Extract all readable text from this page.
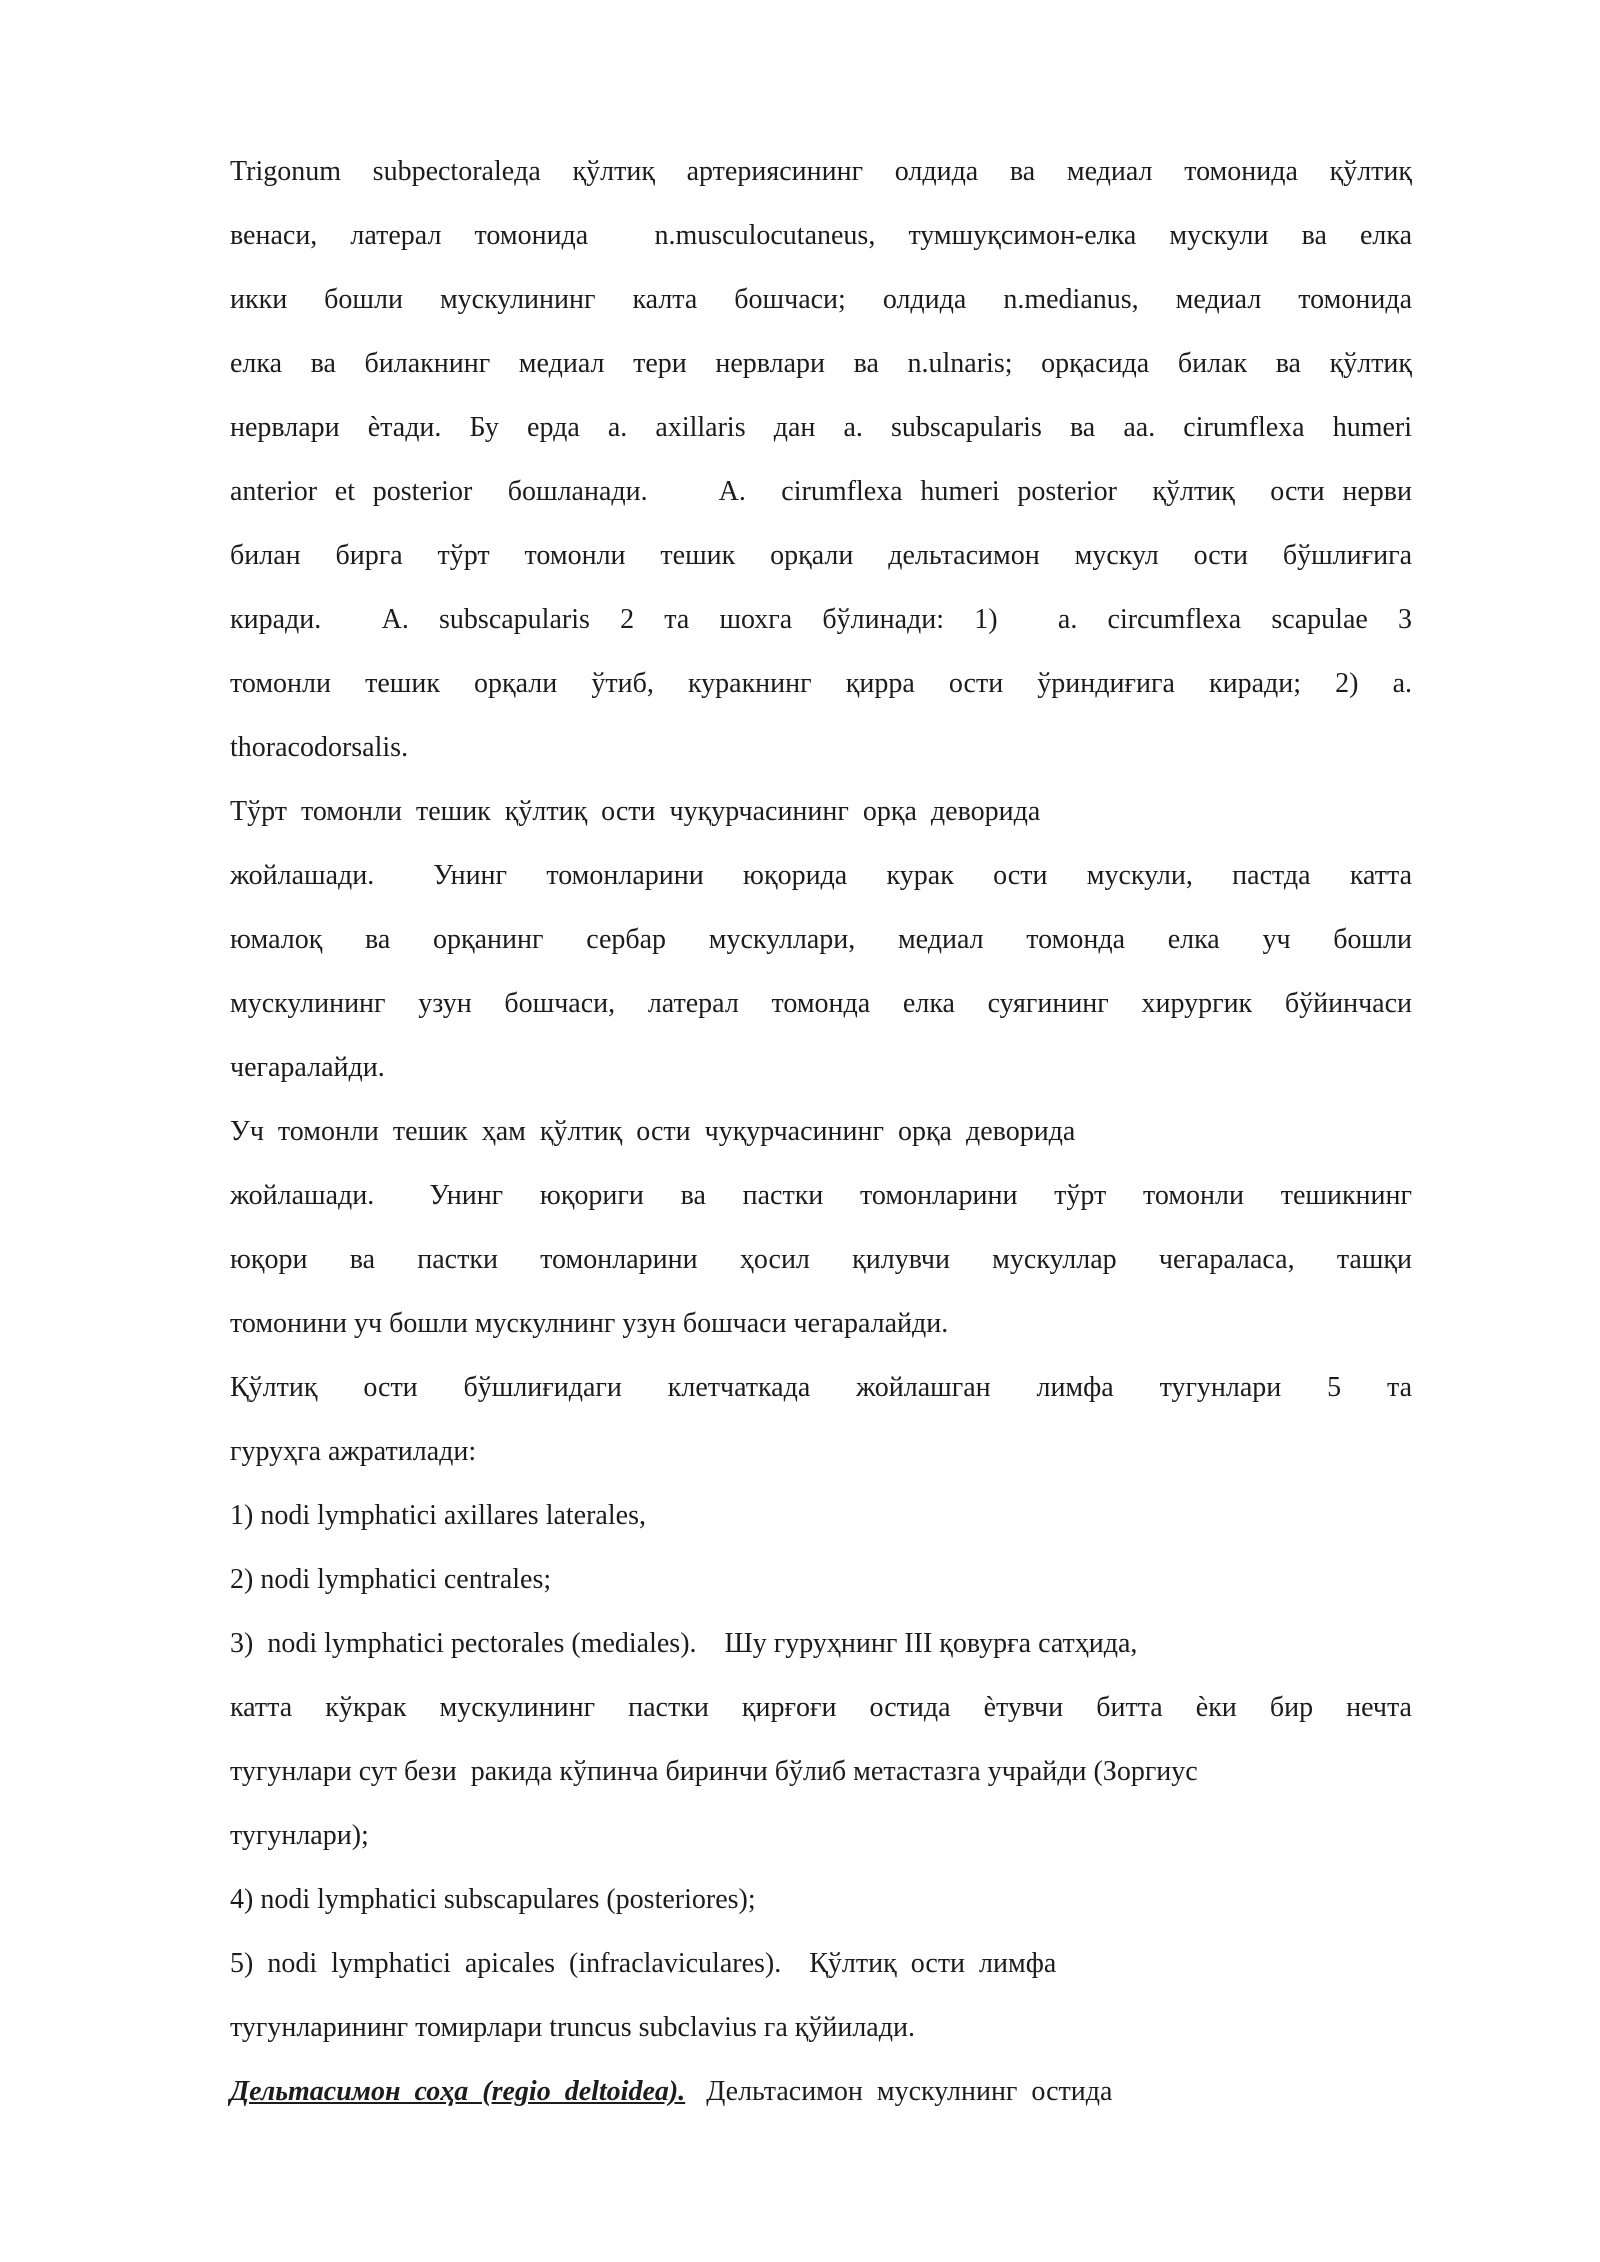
Trigonum subpectoraleда қўлтиқ артериясининг олдида ва медиал томонида қўлтиқ
венаси, латерал томонида  n.musculocutaneus, тумшуқсимон-елка мускули ва елка
икки  бошли  мускулининг  калта  бошчаси;  олдида  n.medianus,  медиал  томонида
елка  ва  билакнинг  медиал  тери  нервлари  ва  n.ulnaris;  орқасида  билак  ва  қўлтиқ
нервлари  ѐтади.  Бу  ерда  a.  axillaris  дан  a.  subscapularis  ва  aa.  cirumflexa  humeri
anterior et posterior  бошланади.    A.  cirumflexa humeri posterior  қўлтиқ  ости нерви
билан  бирга  тўрт  томонли  тешик  орқали  дельтасимон  мускул  ости  бўшлиғига
киради.    A.  subscapularis  2  та  шохга  бўлинади:  1)    a.  circumflexa  scapulae  3
томонли  тешик  орқали  ўтиб,  куракнинг  қирра  ости  ўриндиғига  киради;  2)  a.
thoracodorsalis.
Тўрт  томонли  тешик  қўлтиқ  ости  чуқурчасининг  орқа  деворида
жойлашади.   Унинг  томонларини  юқорида  курак  ости  мускули,  пастда  катта
юмалоқ  ва  орқанинг  сербар  мускуллари,  медиал  томонда  елка  уч  бошли
мускулининг узун бошчаси, латерал томонда елка суягининг хирургик бўйинчаси
чегаралайди.
Уч  томонли  тешик  ҳам  қўлтиқ  ости  чуқурчасининг  орқа  деворида
жойлашади.   Унинг  юқориги  ва  пастки  томонларини  тўрт  томонли  тешикнинг
юқори  ва  пастки  томонларини  ҳосил  қилувчи  мускуллар  чегараласа,  ташқи
томонини уч бошли мускулнинг узун бошчаси чегаралайди.
Қўлтиқ  ости  бўшлиғидаги  клетчаткада  жойлашган  лимфа  тугунлари  5  та
гуруҳга ажратилади:
1) nodi lymphatici axillares laterales,
2) nodi lymphatici centrales;
3)  nodi lymphatici pectorales (mediales).    Шу гуруҳнинг III қовурға сатҳида,
катта  кўкрак  мускулининг  пастки  қирғоғи  остида  ѐтувчи  битта  ѐки  бир  нечта
тугунлари сут бези  ракида кўпинча биринчи бўлиб метастазга учрайди (Зоргиус
тугунлари);
4) nodi lymphatici subscapulares (posteriores);
5)  nodi  lymphatici  apicales  (infraclaviculares).    Қўлтиқ  ости  лимфа
тугунларининг томирлари truncus subclavius га қўйилади.
Дельтасимон  соҳа  (regio  deltoidea).   Дельтасимон  мускулнинг  остида
